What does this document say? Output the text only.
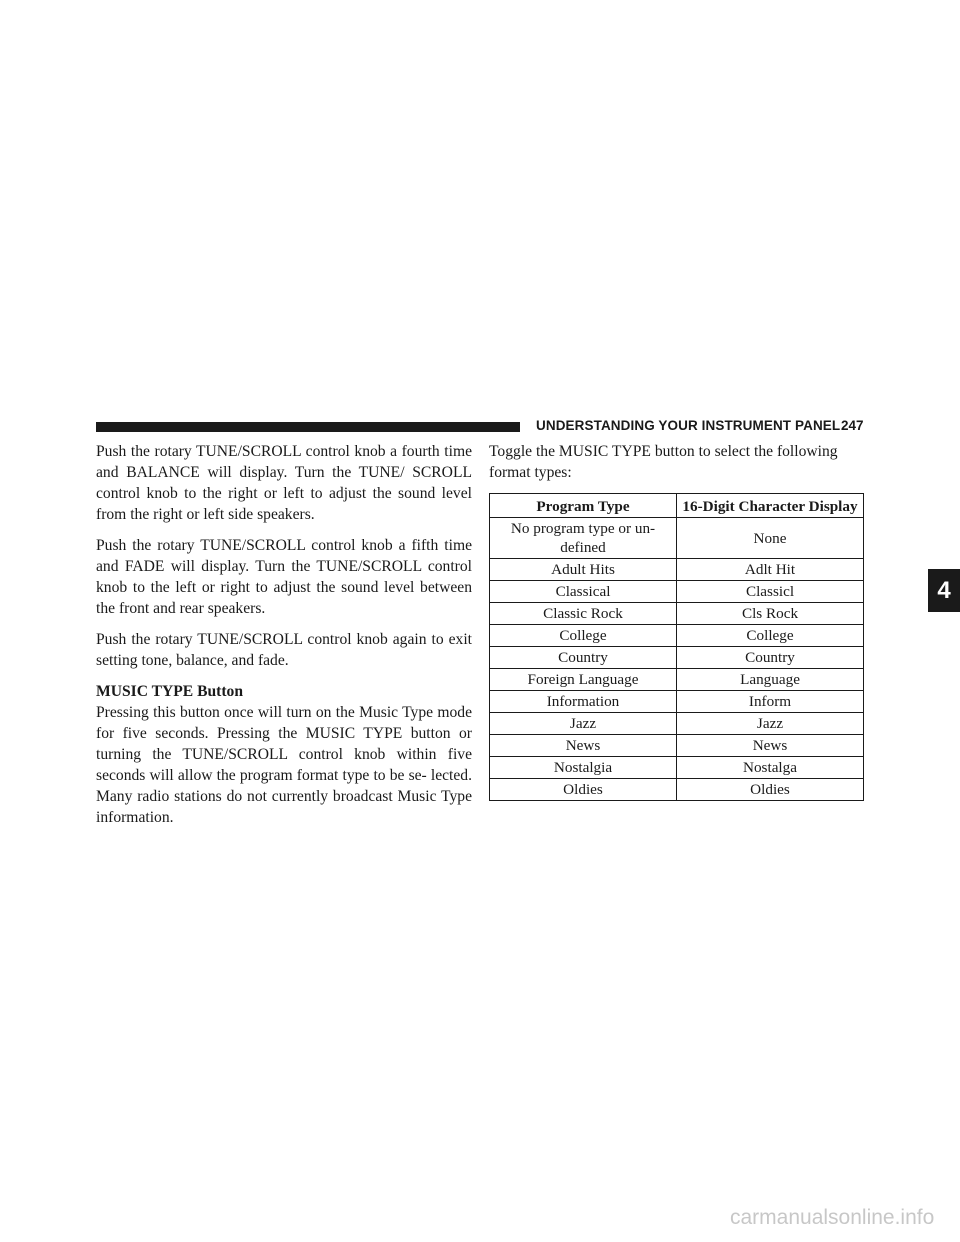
UNDERSTANDING YOUR INSTRUMENT PANEL 247

Push the rotary TUNE/SCROLL control knob a fourth time and BALANCE will display. Turn the TUNE/ SCROLL control knob to the right or left to adjust the sound level from the right or left side speakers.

Push the rotary TUNE/SCROLL control knob a fifth time and FADE will display. Turn the TUNE/SCROLL control knob to the left or right to adjust the sound level between the front and rear speakers.

Push the rotary TUNE/SCROLL control knob again to exit setting tone, balance, and fade.

MUSIC TYPE Button

Pressing this button once will turn on the Music Type mode for five seconds. Pressing the MUSIC TYPE button or turning the TUNE/SCROLL control knob within five seconds will allow the program format type to be se- lected. Many radio stations do not currently broadcast Music Type information.

Toggle the MUSIC TYPE button to select the following format types:

Program Type	16-Digit Character Display
No program type or un- defined	None
Adult Hits	Adlt Hit
Classical	Classicl
Classic Rock	Cls Rock
College	College
Country	Country
Foreign Language	Language
Information	Inform
Jazz	Jazz
News	News
Nostalgia	Nostalga
Oldies	Oldies
4
carmanualsonline.info
